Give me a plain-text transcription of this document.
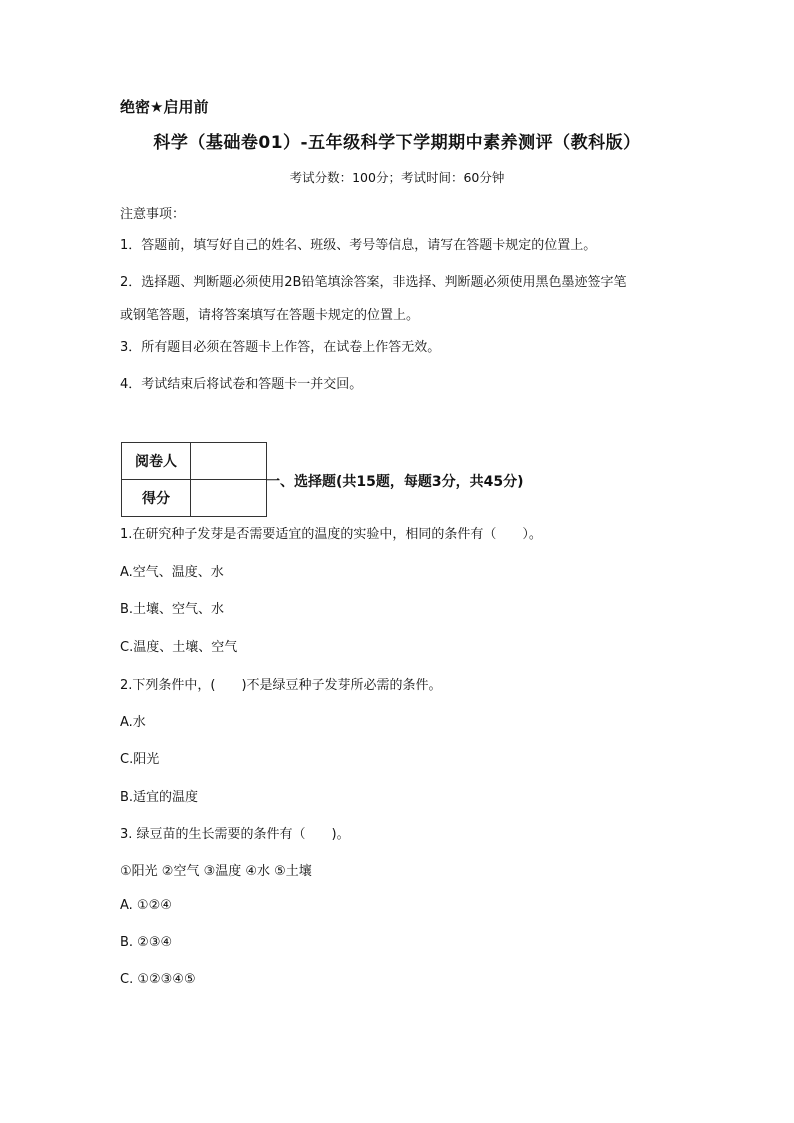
绝密★启用前
科学（基础卷01）-五年级科学下学期期中素养测评（教科版）
考试分数：100分；考试时间：60分钟
注意事项：
1．答题前，填写好自己的姓名、班级、考号等信息，请写在答题卡规定的位置上。
2．选择题、判断题必须使用2B铅笔填涂答案，非选择、判断题必须使用黑色墨迹签字笔
或钢笔答题，请将答案填写在答题卡规定的位置上。
3．所有题目必须在答题卡上作答，在试卷上作答无效。
4．考试结束后将试卷和答题卡一并交回。
阅卷人	
得分	
一、选择题(共15题，每题3分，共45分)
1.在研究种子发芽是否需要适宜的温度的实验中，相同的条件有（　　）。
A.空气、温度、水
B.土壤、空气、水
C.温度、土壤、空气
2.下列条件中，(　　)不是绿豆种子发芽所必需的条件。
A.水
C.阳光
B.适宜的温度
3. 绿豆苗的生长需要的条件有（　　)。
①阳光 ②空气 ③温度 ④水 ⑤土壤
A. ①②④
B. ②③④
C. ①②③④⑤
